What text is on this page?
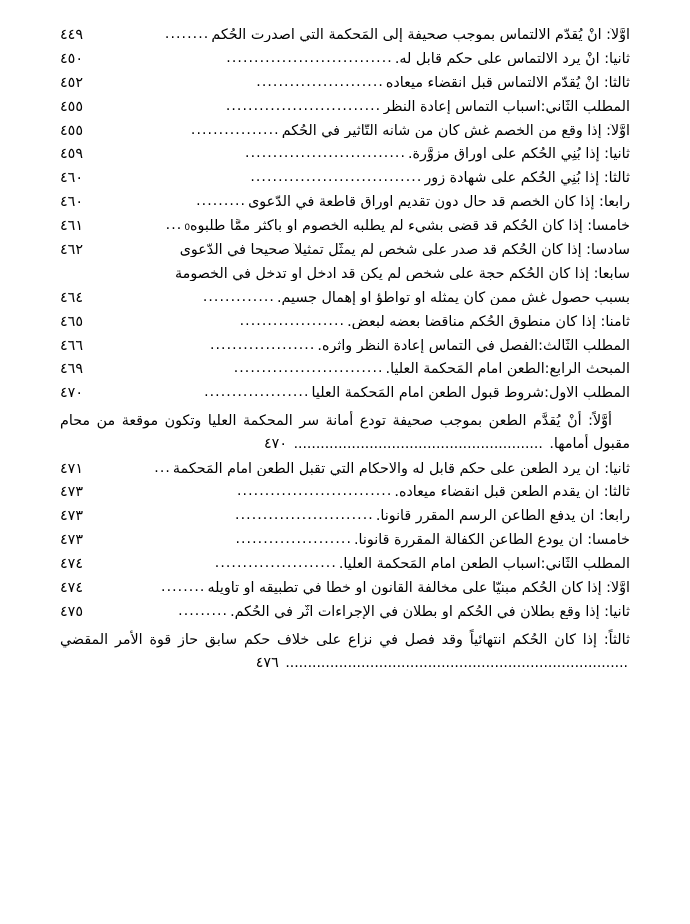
أوَّلاً: أنْ يُقدَّم الالتماس بموجب صحيفة إلى المَحكمة الَّتي أصدرت الحُكم
........
٤٤٩
ثانياً: أنْ يرد الالتماس على حكم قابل له.
..............................
٤٥٠
ثالثاً: أنْ يُقدَّم الالتماس قبل انقضاء ميعاده
.......................
٤٥٢
المطلب الثَّاني:أسباب التماس إعادة النظر
............................
٤٥٥
أوَّلاً: إذا وقع من الخصم غش كان من شأنه التَّأثير في الحُكم
................
٤٥٥
ثانياً: إذا بُنِي الحُكم على أوراق مزوَّرة.
.............................
٤٥٩
ثالثاً: إذا بُنِي الحُكم على شهادة زور
...............................
٤٦٠
رابعاً: إذا كان الخصم قد حال دون تقديم أوراق قاطعة في الدَّعوى
.........
٤٦٠
خامساً: إذا كان الحُكم قد قضى بشيء لم يطلبه الخصوم أو بأكثر ممَّا طلبوه
0
...
٤٦١
سادساً: إذا كان الحُكم قد صدر على شخص لم يمثَّل تمثيلاً صحيحاً في الدَّعوى
٤٦٢
سابعاً: إذا كان الحُكم حجة على شخص لم يكن قد أُدخل أو تدخل في الخصومة
بسبب حصول غش ممن كان يمثله أو تواطؤ أو إهمال جسيم.
.............
٤٦٤
ثامناً: إذا كان منطوق الحُكم مناقضاً بعضه لبعض.
...................
٤٦٥
المطلب الثَّالث:الفصل في التماس إعادة النظر وأثره.
...................
٤٦٦
المبحث الرابع:الطعن أمام المَحكمة العليا.
...........................
٤٦٩
المطلب الأول:شروط قبول الطعن أمام المَحكمة العليا
...................
٤٧٠
أوَّلاً: أنْ يُقدَّم الطعن بموجب صحيفة تودع أمانة سر المحكمة العليا وتكون موقعة من محام مقبول أمامها. ........................................................ ٤٧٠
ثانياً: أن يرد الطعن على حكم قابل له والأُحكام التي تقبل الطعن أمام المَحكمة
...
٤٧١
ثالثاً: أن يقدم الطعن قبل انقضاء ميعاده.
............................
٤٧٣
رابعاً: أن يدفع الطاعن الرسم المقرر قانوناً.
.........................
٤٧٣
خامساً: أن يودع الطاعن الكفالة المقررة قانوناً.
.....................
٤٧٣
المطلب الثَّاني:أسباب الطعن أمام المَحكمة العليا.
......................
٤٧٤
أوَّلاً: إذا كان الحُكم مبنيَّاً على مخالفة القانون أو خطأً في تطبيقه أو تأويله
........
٤٧٤
ثانياً: إذا وقع بطلان في الحُكم أو بطلان في الإجراءات أثَّر في الحُكم.
.........
٤٧٥
ثالثاً: إذا كان الحُكم انتهائياً وقد فصل في نزاع على خلاف حكم سابق حاز قوة الأمر المقضي ............................................................................. ٤٧٦
